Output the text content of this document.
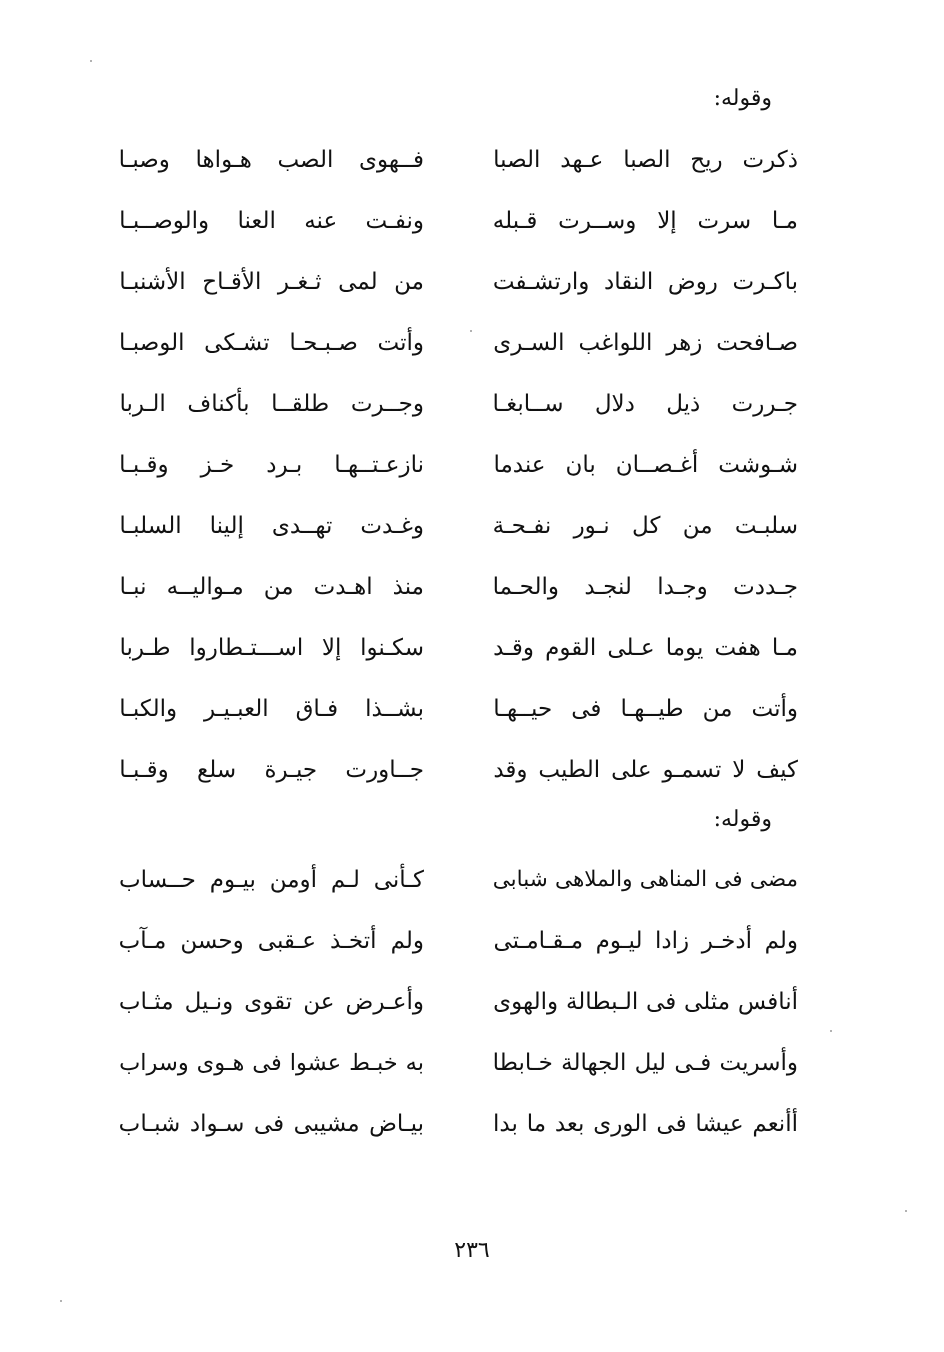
وقوله:
ذكرت ريح الصبا عـهد الصبا
فــهوى الصب هـواها وصبـا
مـا سرت إلا وســرت قـبله
ونفـت عنه العنا والوصــبـا
باكـرت روض النقاد وارتشـفت
من لمى ثـغـر الأقـاح الأشنبـا
صـافحت زهر اللواغب السـرى
وأتت صـبـحـا تشـكى الوصبـا
جـررت ذيل دلال ســابغـا
وجــرت طلقــا بأكناف الـربا
شـوشت أغـصــان بان عندما
نازعـتــهـا بـرد خـز وقـبـا
سلبـت من كل نـور نفـحـة
وغـدت تهــدى إلينا السلبـا
جـددت وجـدا لنجـد والحـما
منذ اهـدت من مـواليــه نبـا
مـا هفت يوما عـلى القوم وقـد
سكـنوا إلا اســـتـطاروا طـربا
وأتت من طيــهـا فى حيــهـا
بشــذا فـاق العبـيـر والكبـا
كيف لا تسمـو على الطيب وقد
جــاورت جيـرة سلع وقـبـا
وقوله:
مضى فى المناهى والملاهى شبابى
كـأنى لـم أومن بيـوم حــساب
ولم أدخـر زادا ليـوم مـقـامـتى
ولم أتخـذ عـقبى وحسن مـآب
أنافس مثلى فى الـبطالة والهوى
وأعـرض عن تقوى ونـيل مثـاب
وأسريت فـى ليل الجهالة خـابطا
به خبـط عشوا فى هـوى وسراب
أأنعم عيشا فى الورى بعد ما بدا
بيـاض مشيبى فى سـواد شبـاب
٢٣٦
